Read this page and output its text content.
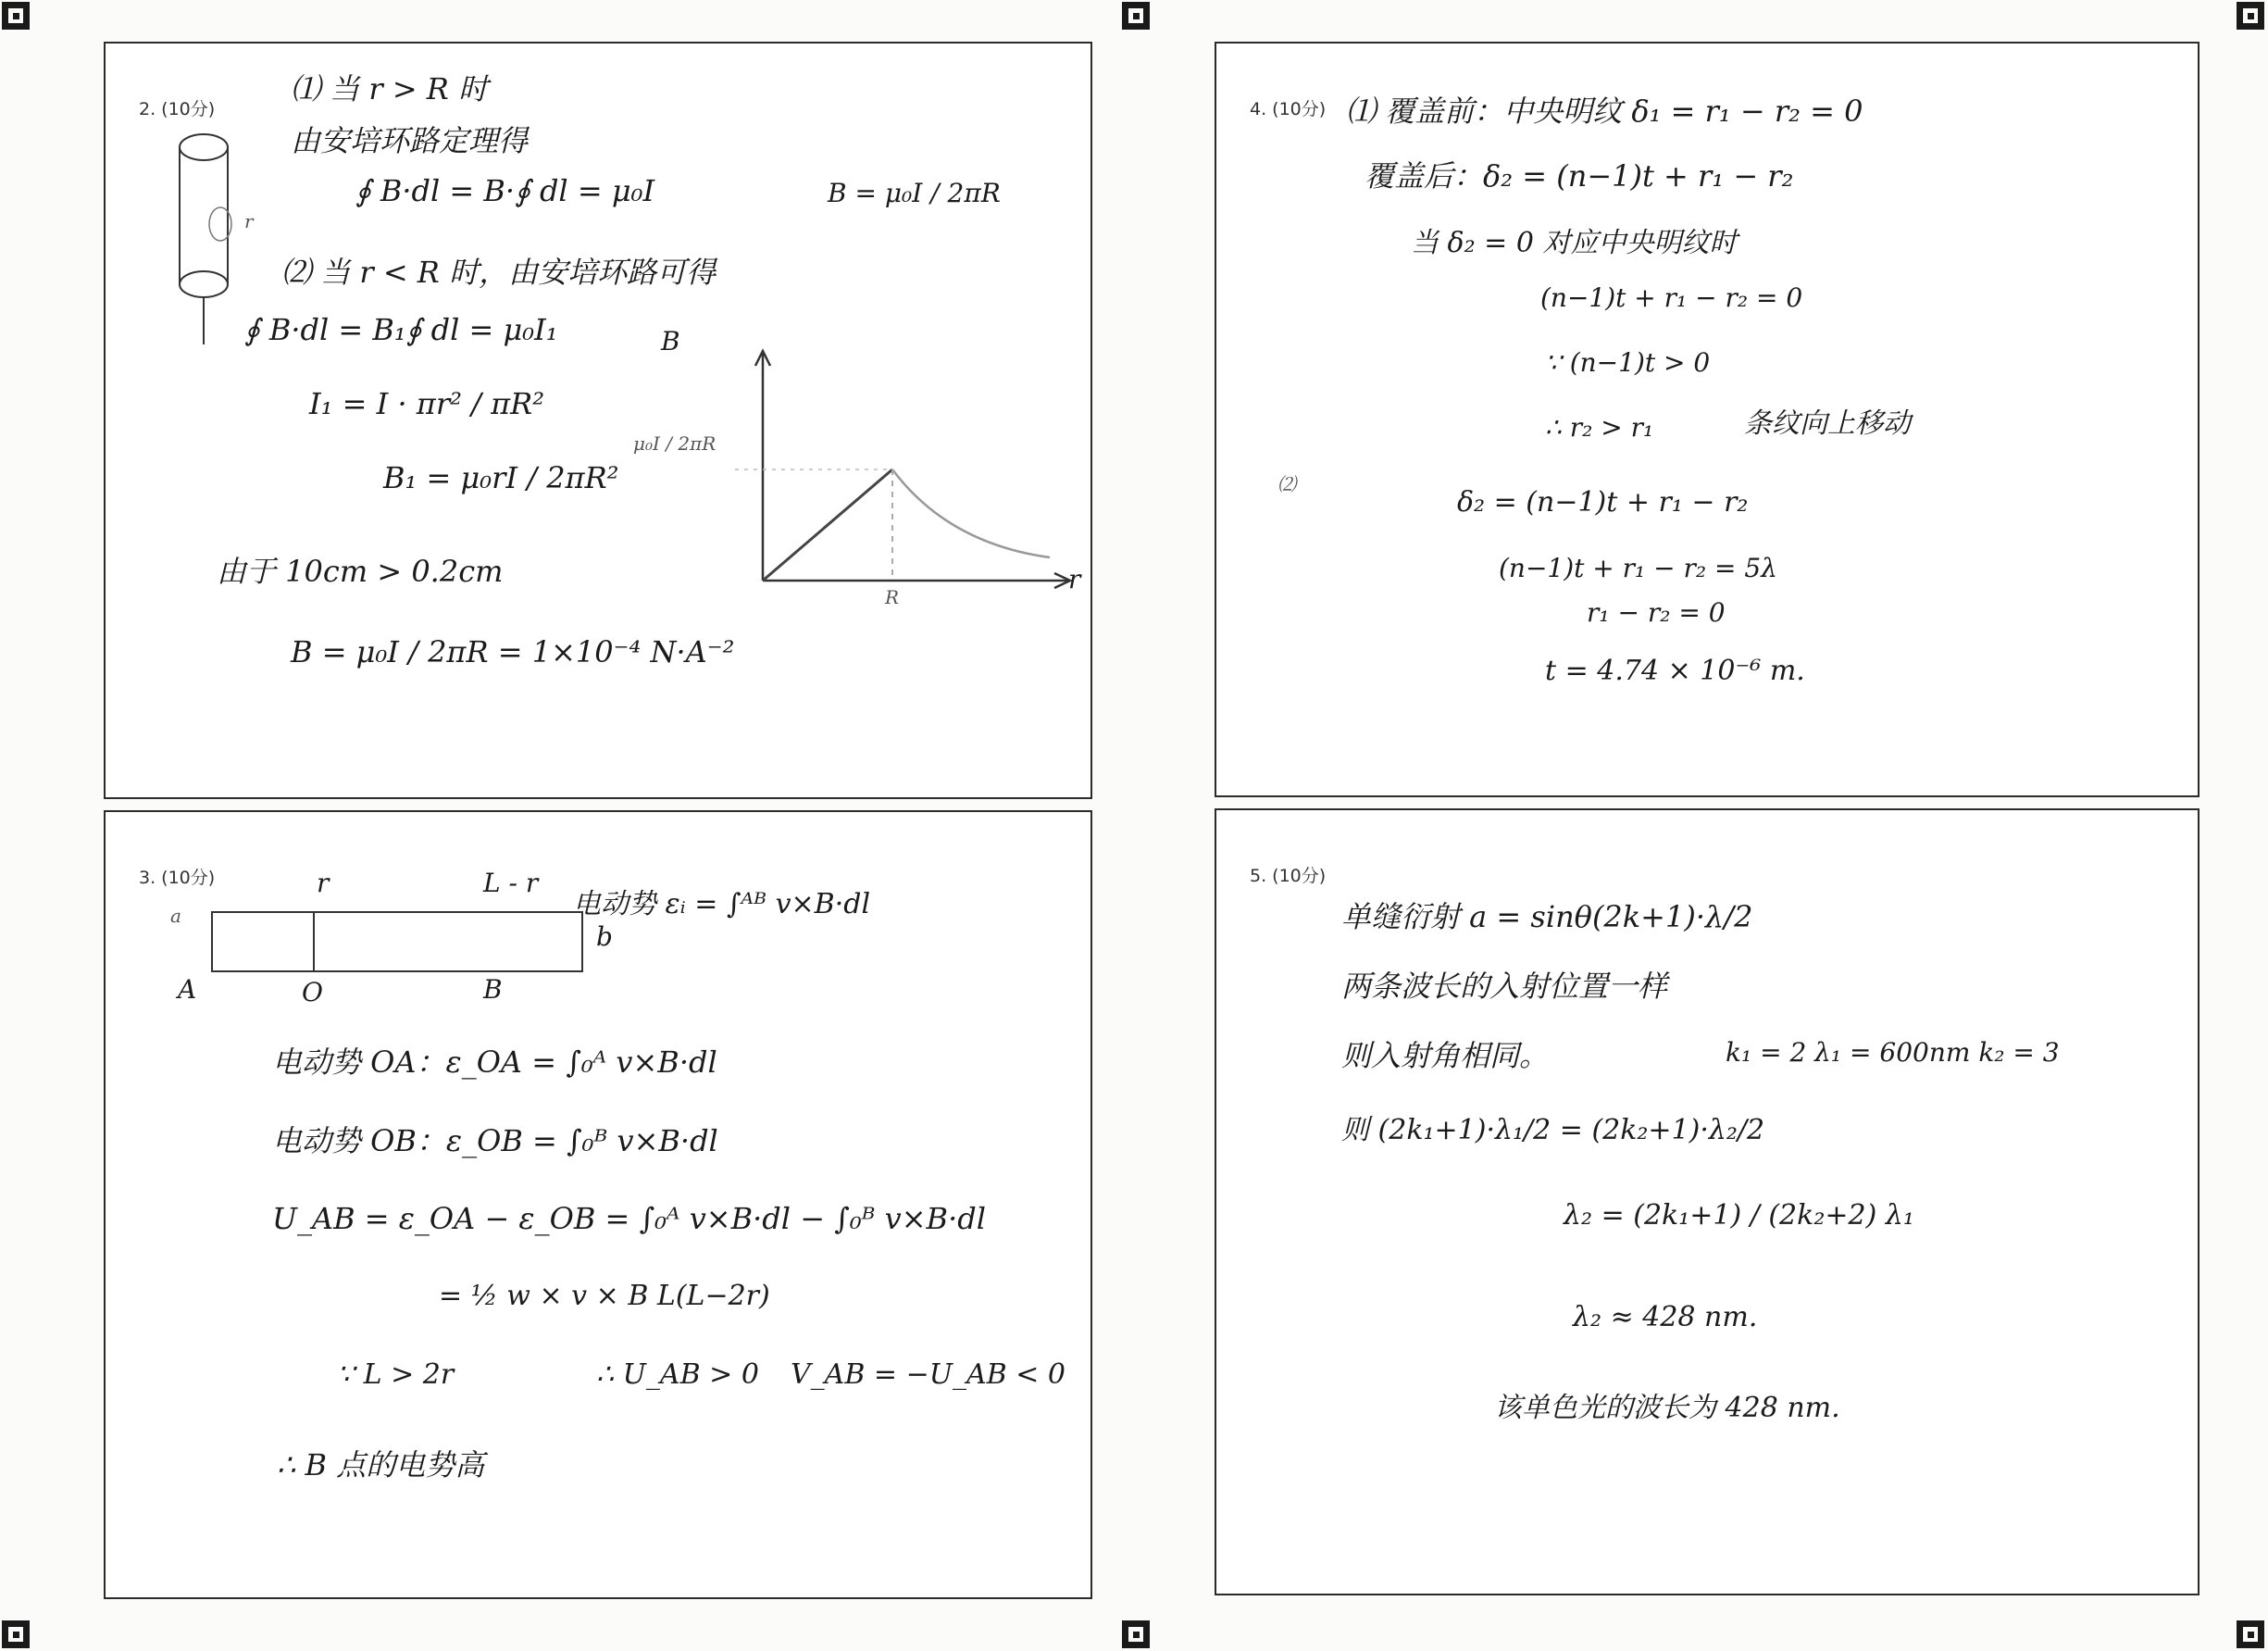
2. (10分)
r
⑴ 当 r > R 时
由安培环路定理得
∮ B·dl = B·∮ dl = μ₀I	B = μ₀I / 2πR
⑵ 当 r < R 时，由安培环路可得
∮ B·dl = B₁∮ dl = μ₀I₁
I₁ = I · πr² / πR²
B₁ = μ₀rI / 2πR²
由于 10cm > 0.2cm
B = μ₀I / 2πR = 1×10⁻⁴ N·A⁻²
B
μ₀I / 2πR
R
r
3. (10分)	r	L - r
a
b
A	O	B
电动势 εᵢ = ∫ᴬᴮ v×B·dl
电动势 OA：ε_OA = ∫₀ᴬ v×B·dl
电动势 OB：ε_OB = ∫₀ᴮ v×B·dl
U_AB = ε_OA − ε_OB = ∫₀ᴬ v×B·dl − ∫₀ᴮ v×B·dl
= ½ w × v × B L(L−2r)
∵ L > 2r	∴ U_AB > 0 V_AB = −U_AB < 0
∴ B 点的电势高
4. (10分) ⑴ 覆盖前：中央明纹 δ₁ = r₁ − r₂ = 0
覆盖后：δ₂ = (n−1)t + r₁ − r₂
当 δ₂ = 0 对应中央明纹时
(n−1)t + r₁ − r₂ = 0
∵ (n−1)t > 0
∴ r₂ > r₁	条纹向上移动
⑵
δ₂ = (n−1)t + r₁ − r₂
(n−1)t + r₁ − r₂ = 5λ
r₁ − r₂ = 0
t = 4.74 × 10⁻⁶ m.
5. (10分)
单缝衍射 a = sinθ(2k+1)·λ/2
两条波长的入射位置一样
则入射角相同。	k₁ = 2 λ₁ = 600nm k₂ = 3
则 (2k₁+1)·λ₁/2 = (2k₂+1)·λ₂/2
λ₂ = (2k₁+1) / (2k₂+2) λ₁
λ₂ ≈ 428 nm.
该单色光的波长为 428 nm.
